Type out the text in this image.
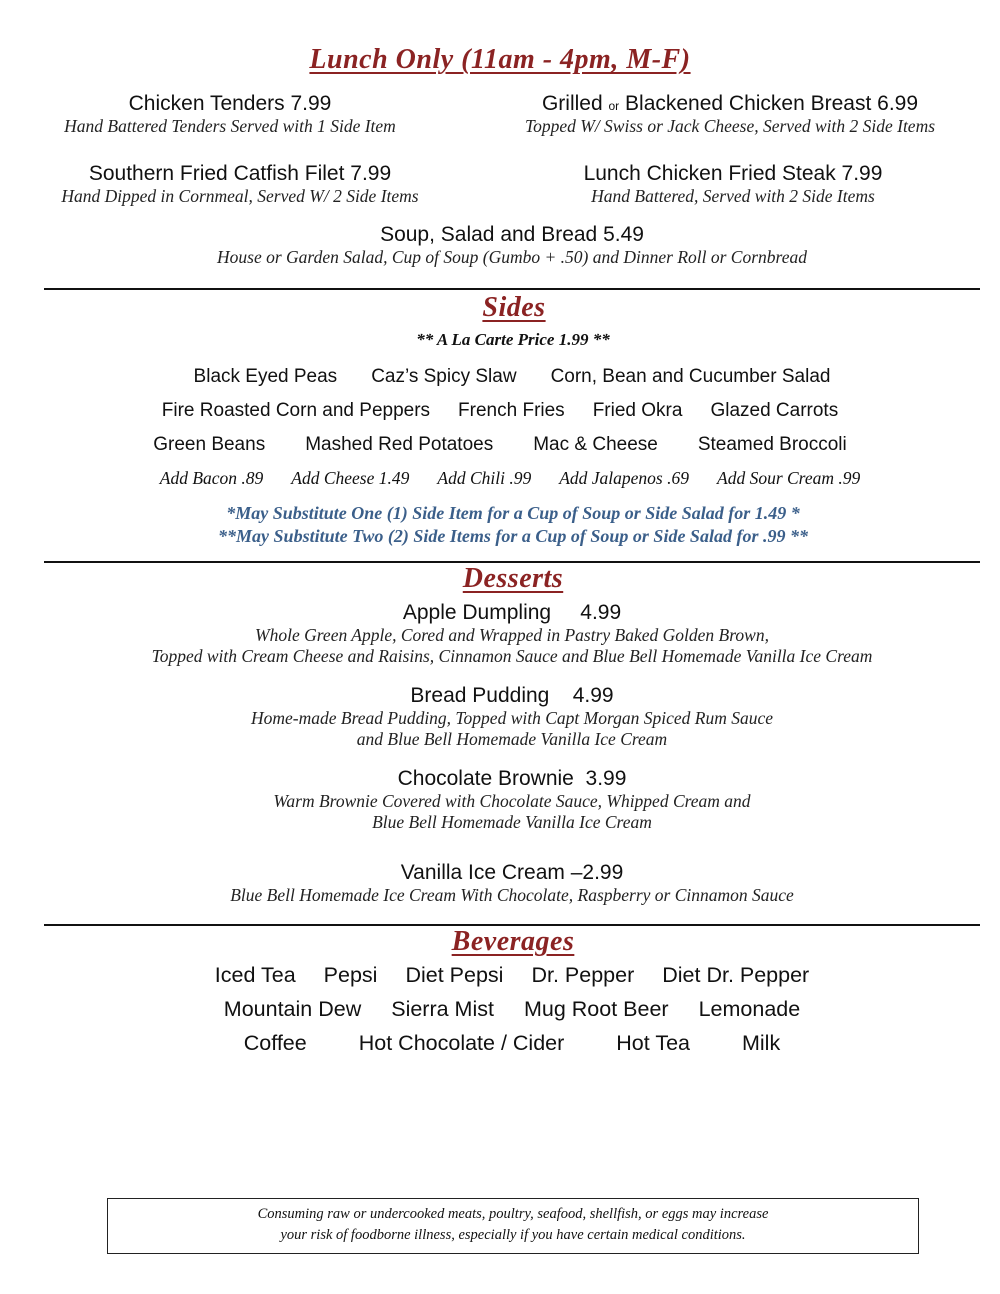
Lunch Only (11am - 4pm, M-F)
Chicken Tenders 7.99
Hand Battered Tenders Served with 1 Side Item
Grilled or Blackened Chicken Breast 6.99
Topped W/ Swiss or Jack Cheese, Served with 2 Side Items
Southern Fried Catfish Filet 7.99
Hand Dipped in Cornmeal, Served W/ 2 Side Items
Lunch Chicken Fried Steak 7.99
Hand Battered, Served with 2 Side Items
Soup, Salad and Bread 5.49
House or Garden Salad, Cup of Soup (Gumbo + .50) and Dinner Roll or Cornbread
Sides
** A La Carte Price 1.99 **
Black Eyed Peas Caz’s Spicy Slaw Corn, Bean and Cucumber Salad
Fire Roasted Corn and Peppers French Fries Fried Okra Glazed Carrots
Green Beans Mashed Red Potatoes Mac & Cheese Steamed Broccoli
Add Bacon .89 Add Cheese 1.49 Add Chili .99 Add Jalapenos .69 Add Sour Cream .99
*May Substitute One (1) Side Item for a Cup of Soup or Side Salad for 1.49 *
**May Substitute Two (2) Side Items for a Cup of Soup or Side Salad for .99 **
Desserts
Apple Dumpling     4.99
Whole Green Apple, Cored and Wrapped in Pastry Baked Golden Brown,
Topped with Cream Cheese and Raisins, Cinnamon Sauce and Blue Bell Homemade Vanilla Ice Cream
Bread Pudding    4.99
Home-made Bread Pudding, Topped with Capt Morgan Spiced Rum Sauce
and Blue Bell Homemade Vanilla Ice Cream
Chocolate Brownie  3.99
Warm Brownie Covered with Chocolate Sauce, Whipped Cream and
Blue Bell Homemade Vanilla Ice Cream
Vanilla Ice Cream –2.99
Blue Bell Homemade Ice Cream With Chocolate, Raspberry or Cinnamon Sauce
Beverages
Iced Tea Pepsi Diet Pepsi Dr. Pepper Diet Dr. Pepper
Mountain Dew Sierra Mist Mug Root Beer Lemonade
Coffee Hot Chocolate / Cider Hot Tea Milk
Consuming raw or undercooked meats, poultry, seafood, shellfish, or eggs may increase
your risk of foodborne illness, especially if you have certain medical conditions.
